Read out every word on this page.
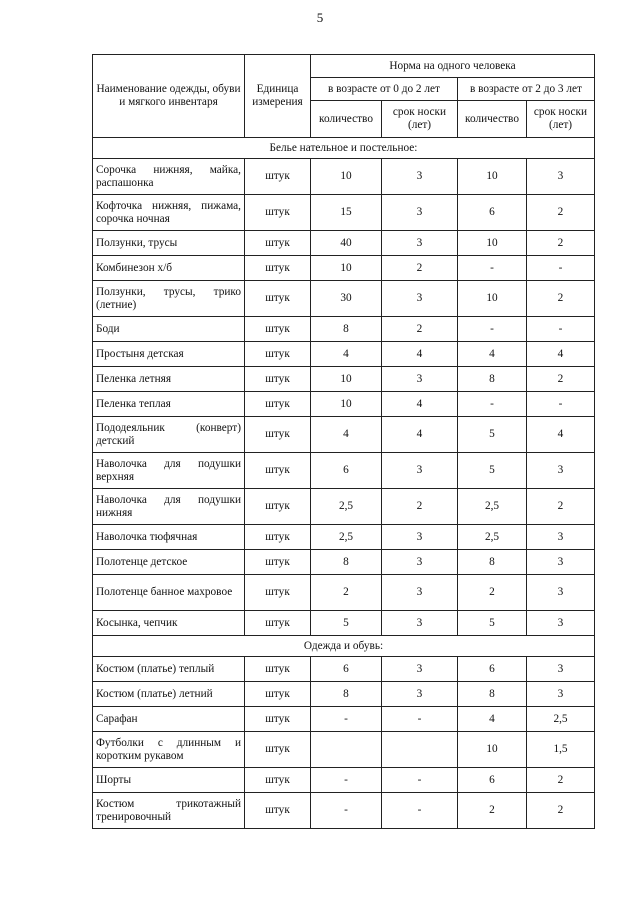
5
Наименование одежды, обуви и мягкого инвентаря	Единица измерения	Норма на одного человека			
		в возрасте от 0 до 2 лет		в возрасте от 2 до 3 лет	
		количество	срок носки (лет)	количество	срок носки (лет)
Белье нательное и постельное:					
Сорочка нижняя, майка, распашонка	штук	10	3	10	3
Кофточка нижняя, пижама, сорочка ночная	штук	15	3	6	2
Ползунки, трусы	штук	40	3	10	2
Комбинезон х/б	штук	10	2	-	-
Ползунки, трусы, трико (летние)	штук	30	3	10	2
Боди	штук	8	2	-	-
Простыня детская	штук	4	4	4	4
Пеленка летняя	штук	10	3	8	2
Пеленка теплая	штук	10	4	-	-
Пододеяльник (конверт) детский	штук	4	4	5	4
Наволочка для подушки верхняя	штук	6	3	5	3
Наволочка для подушки нижняя	штук	2,5	2	2,5	2
Наволочка тюфячная	штук	2,5	3	2,5	3
Полотенце детское	штук	8	3	8	3
Полотенце банное махровое	штук	2	3	2	3
Косынка, чепчик	штук	5	3	5	3
Одежда и обувь:					
Костюм (платье) теплый	штук	6	3	6	3
Костюм (платье) летний	штук	8	3	8	3
Сарафан	штук	-	-	4	2,5
Футболки с длинным и коротким рукавом	штук			10	1,5
Шорты	штук	-	-	6	2
Костюм трикотажный тренировочный	штук	-	-	2	2
